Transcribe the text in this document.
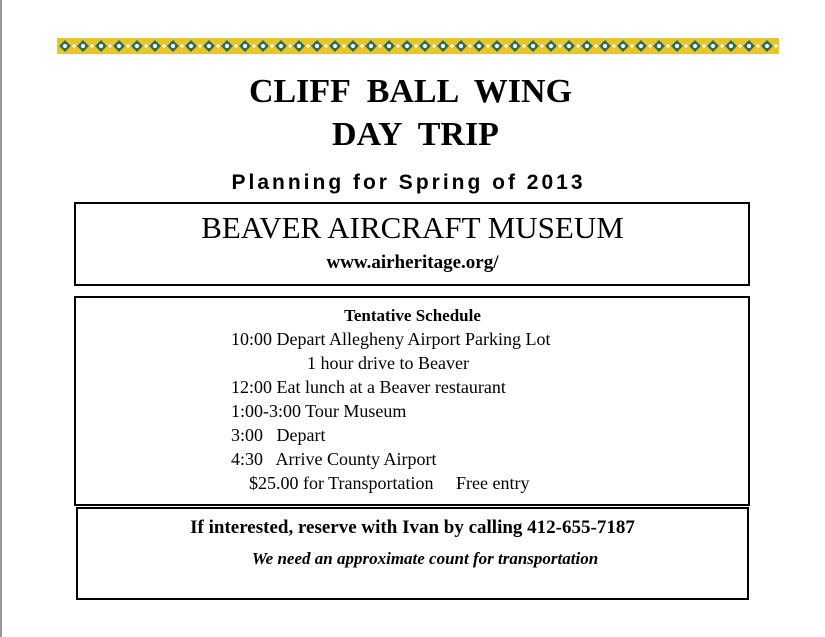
CLIFF  BALL  WING
DAY  TRIP
Planning for Spring of 2013
BEAVER AIRCRAFT MUSEUM
www.airheritage.org/
Tentative Schedule
10:00 Depart Allegheny Airport Parking Lot
1 hour drive to Beaver
12:00 Eat lunch at a Beaver restaurant
1:00-3:00 Tour Museum
3:00   Depart
4:30   Arrive County Airport
$25.00 for Transportation     Free entry
If interested, reserve with Ivan by calling 412-655-7187
We need an approximate count for transportation
